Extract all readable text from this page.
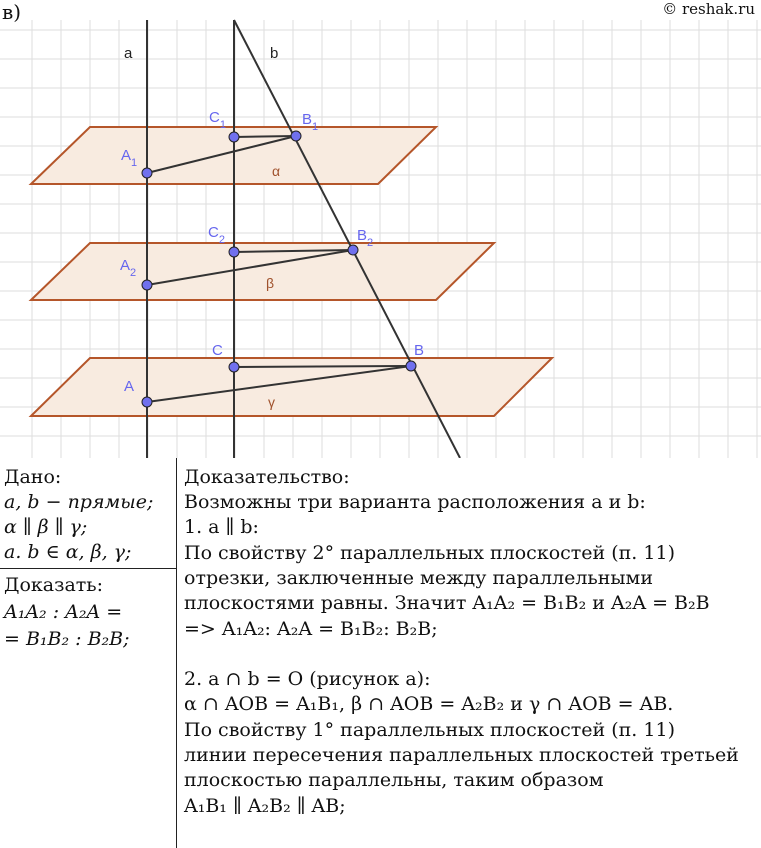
в)	© reshak.ru
a	b
α
β
γ
$A_1$
$C_1$	$B_1$
$A_2$
$C_2$	$B_2$
A
C	B
Дано:
a, b − прямые;
α ∥ β ∥ γ;
a. b ∈ α, β, γ;
Доказать:
A₁A₂ : A₂A =
= B₁B₂ : B₂B;
Доказательство:
Возможны три варианта расположения a и b:
1. a ∥ b:
По свойству 2° параллельных плоскостей (п. 11)
отрезки, заключенные между параллельными
плоскостями равны. Значит A₁A₂ = B₁B₂ и A₂A = B₂B
=> A₁A₂: A₂A = B₁B₂: B₂B;
2. a ∩ b = O (рисунок а):
α ∩ AOB = A₁B₁, β ∩ AOB = A₂B₂ и γ ∩ AOB = AB.
По свойству 1° параллельных плоскостей (п. 11)
линии пересечения параллельных плоскостей третьей
плоскостью параллельны, таким образом
A₁B₁ ∥ A₂B₂ ∥ AB;
